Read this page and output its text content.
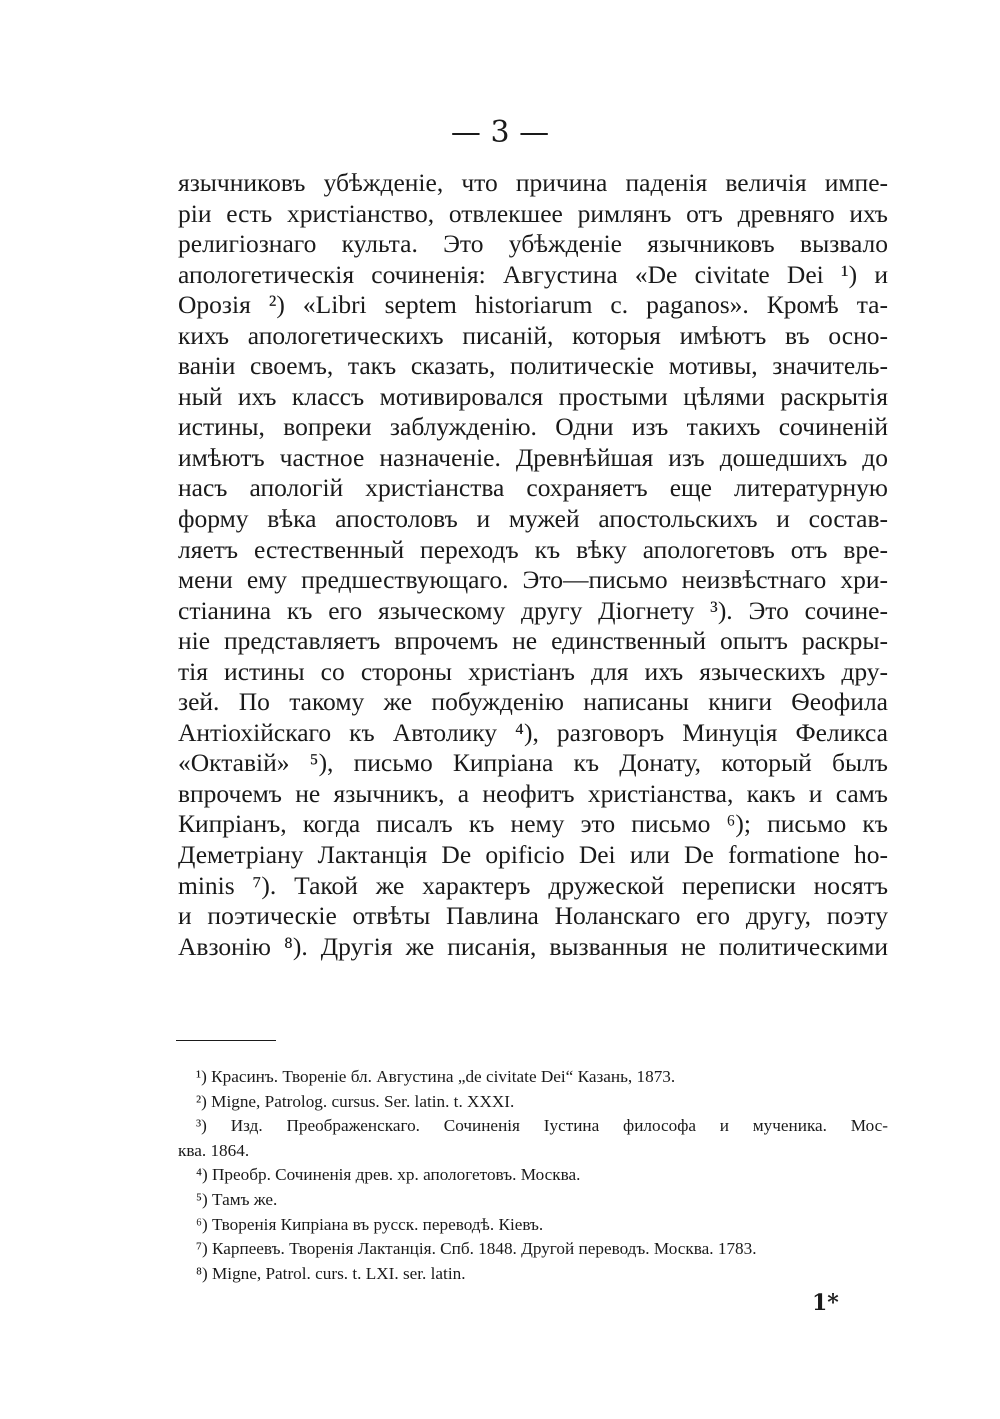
— 3 —
язычниковъ убѣжденіе, что причина паденія величія импе-
ріи есть христіанство, отвлекшее римлянъ отъ древняго ихъ
религіознаго культа. Это убѣжденіе язычниковъ вызвало
апологетическія сочиненія: Августина «De civitate Dei ¹) и
Орозія ²) «Libri septem historiarum c. paganos». Кромѣ та-
кихъ апологетическихъ писаній, которыя имѣютъ въ осно-
ваніи своемъ, такъ сказать, политическіе мотивы, значитель-
ный ихъ классъ мотивировался простыми цѣлями раскрытія
истины, вопреки заблужденію. Одни изъ такихъ сочиненій
имѣютъ частное назначеніе. Древнѣйшая изъ дошедшихъ до
насъ апологій христіанства сохраняетъ еще литературную
форму вѣка апостоловъ и мужей апостольскихъ и состав-
ляетъ естественный переходъ къ вѣку апологетовъ отъ вре-
мени ему предшествующаго. Это—письмо неизвѣстнаго хри-
стіанина къ его языческому другу Діогнету ³). Это сочине-
ніе представляетъ впрочемъ не единственный опытъ раскры-
тія истины со стороны христіанъ для ихъ языческихъ дру-
зей. По такому же побужденію написаны книги Ѳеофила
Антіохійскаго къ Автолику ⁴), разговоръ Минуція Феликса
«Октавій» ⁵), письмо Кипріана къ Донату, который былъ
впрочемъ не язычникъ, а неофитъ христіанства, какъ и самъ
Кипріанъ, когда писалъ къ нему это письмо ⁶); письмо къ
Деметріану Лактанція De opificio Dei или De formatione ho-
minis ⁷). Такой же характеръ дружеской переписки носятъ
и поэтическіе отвѣты Павлина Ноланскаго его другу, поэту
Авзонію ⁸). Другія же писанія, вызванныя не политическими
¹) Красинъ. Твореніе бл. Августина „de civitate Dei“ Казань, 1873.
²) Migne, Patrolog. cursus. Ser. latin. t. XXXI.
³) Изд. Преображенскаго. Сочиненія Іустина философа и мученика. Мос-
ква. 1864.
⁴) Преобр. Сочиненія древ. хр. апологетовъ. Москва.
⁵) Тамъ же.
⁶) Творенія Кипріана въ русск. переводѣ. Кіевъ.
⁷) Карпеевъ. Творенія Лактанція. Спб. 1848. Другой переводъ. Москва. 1783.
⁸) Migne, Patrol. curs. t. LXI. ser. latin.
1*
